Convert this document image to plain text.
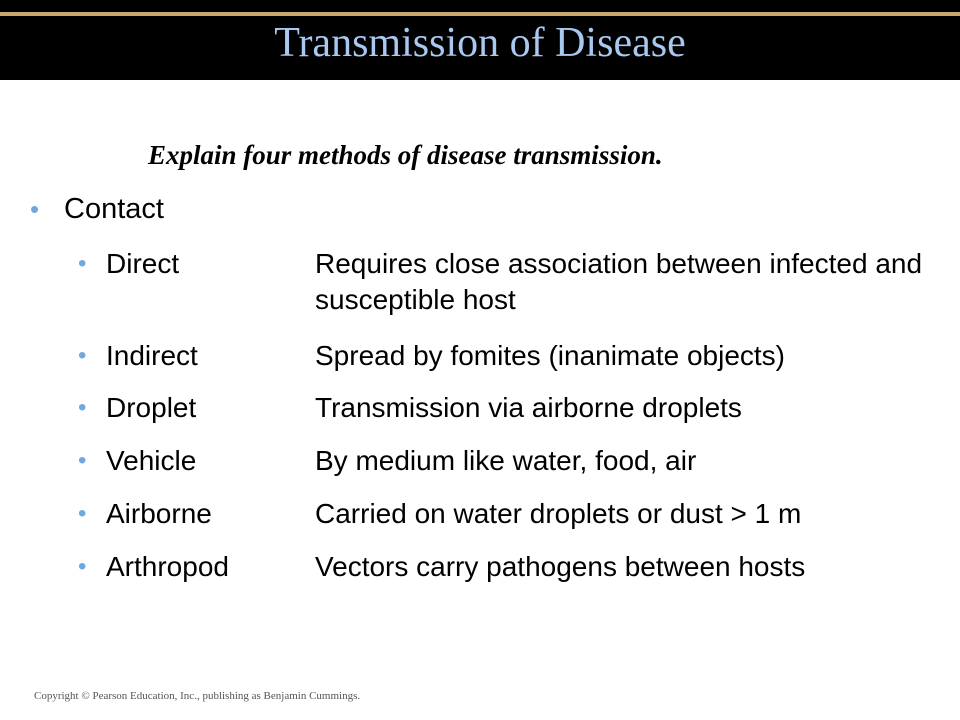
Transmission of Disease
Explain four methods of disease transmission.
• Contact
• Direct	Requires close association between infected and susceptible host
• Indirect	Spread by fomites (inanimate objects)
• Droplet	Transmission via airborne droplets
• Vehicle	By medium like water, food, air
• Airborne	Carried on water droplets or dust > 1 m
• Arthropod	Vectors carry pathogens between hosts
Copyright © Pearson Education, Inc., publishing as Benjamin Cummings.
